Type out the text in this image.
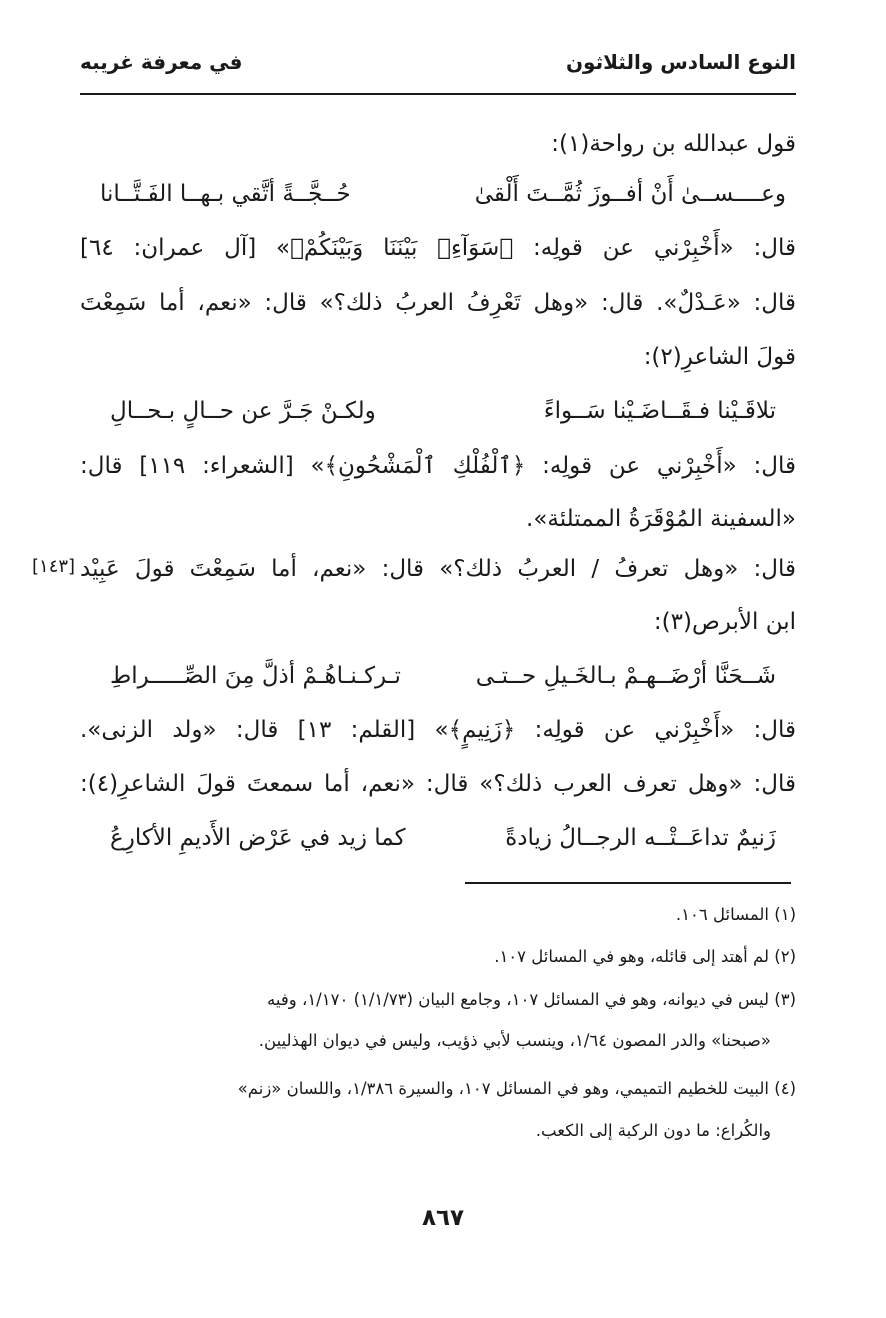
النوع السادس والثلاثون
في معرفة غريبه
قول عبدالله بن رواحة(١):
وعــــســىٰ أَنْ أفــوزَ ثُمَّــتَ أَلْقىٰ
حُــجَّــةً أتَّقي بـهــا الفَـتَّــانا
قال: «أَخْبِرْني عن قولِه: ﴿سَوَآءِۭ بَيْنَنَا وَبَيْنَكُمْ﴾» [آل عمران: ٦٤]
قال: «عَـدْلٌ». قال: «وهل تَعْرِفُ العربُ ذلك؟» قال: «نعم، أما سَمِعْتَ
قولَ الشاعرِ(٢):
تلاقَـيْنا فـقَــاضَـيْنا سَــواءً
ولكـنْ جَـرَّ عن حــالٍ بـحــالِ
قال: «أَخْبِرْني عن قولِه: ﴿ٱلْفُلْكِ ٱلْمَشْحُونِ﴾» [الشعراء: ١١٩] قال:
«السفينة المُوْقَرَةُ الممتلئة».
[١٤٣] قال: «وهل تعرفُ / العربُ ذلك؟» قال: «نعم، أما سَمِعْتَ قولَ عَبِيْد
ابن الأبرص(٣):
شَــحَنَّا أرْضَــهـمْ بـالخَـيلِ حــتـى
تـركـنـاهُـمْ أذلَّ مِنَ الصِّـــــراطِ
قال: «أَخْبِرْني عن قولِه: ﴿زَنِيمٍ﴾» [القلم: ١٣] قال: «ولد الزنى».
قال: «وهل تعرف العرب ذلك؟» قال: «نعم، أما سمعتَ قولَ الشاعرِ(٤):
زَنيمٌ تداعَــتْــه الرجــالُ زيادةً
كما زيد في عَرْض الأَديمِ الأكارِعُ
(١) المسائل ١٠٦.
(٢) لم أهتد إلى قائله، وهو في المسائل ١٠٧.
(٣) ليس في ديوانه، وهو في المسائل ١٠٧، وجامع البيان (١/١/٧٣) ١/١٧٠، وفيه
«صبحنا» والدر المصون ١/٦٤، وينسب لأبي ذؤيب، وليس في ديوان الهذليين.
(٤) البيت للخطيم التميمي، وهو في المسائل ١٠٧، والسيرة ١/٣٨٦، واللسان «زنم»
والكُراع: ما دون الركبة إلى الكعب.
٨٦٧
